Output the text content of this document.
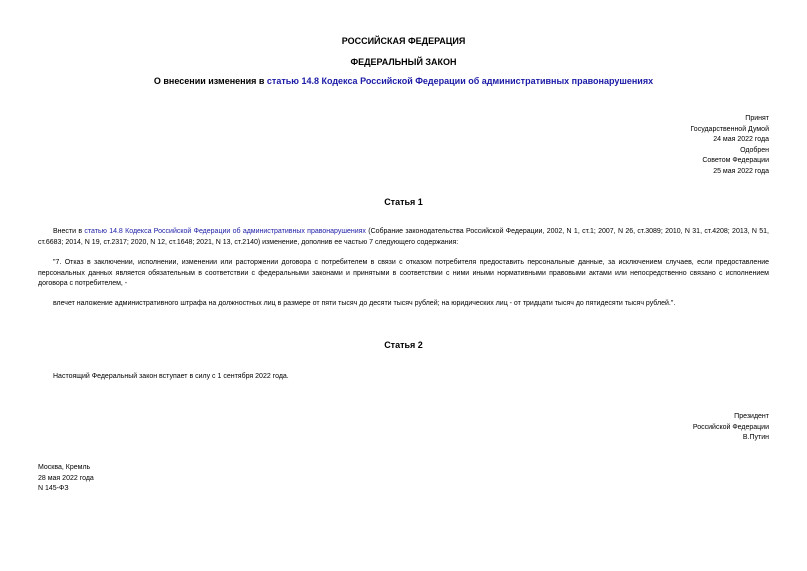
РОССИЙСКАЯ ФЕДЕРАЦИЯ
ФЕДЕРАЛЬНЫЙ ЗАКОН
О внесении изменения в статью 14.8 Кодекса Российской Федерации об административных правонарушениях
Принят
Государственной Думой
24 мая 2022 года
Одобрен
Советом Федерации
25 мая 2022 года
Статья 1
Внести в статью 14.8 Кодекса Российской Федерации об административных правонарушениях (Собрание законодательства Российской Федерации, 2002, N 1, ст.1; 2007, N 26, ст.3089; 2010, N 31, ст.4208; 2013, N 51, ст.6683; 2014, N 19, ст.2317; 2020, N 12, ст.1648; 2021, N 13, ст.2140) изменение, дополнив ее частью 7 следующего содержания:
"7. Отказ в заключении, исполнении, изменении или расторжении договора с потребителем в связи с отказом потребителя предоставить персональные данные, за исключением случаев, если предоставление персональных данных является обязательным в соответствии с федеральными законами и принятыми в соответствии с ними иными нормативными правовыми актами или непосредственно связано с исполнением договора с потребителем, -
влечет наложение административного штрафа на должностных лиц в размере от пяти тысяч до десяти тысяч рублей; на юридических лиц - от тридцати тысяч до пятидесяти тысяч рублей.".
Статья 2
Настоящий Федеральный закон вступает в силу с 1 сентября 2022 года.
Президент
Российской Федерации
В.Путин
Москва, Кремль
28 мая 2022 года
N 145-ФЗ
